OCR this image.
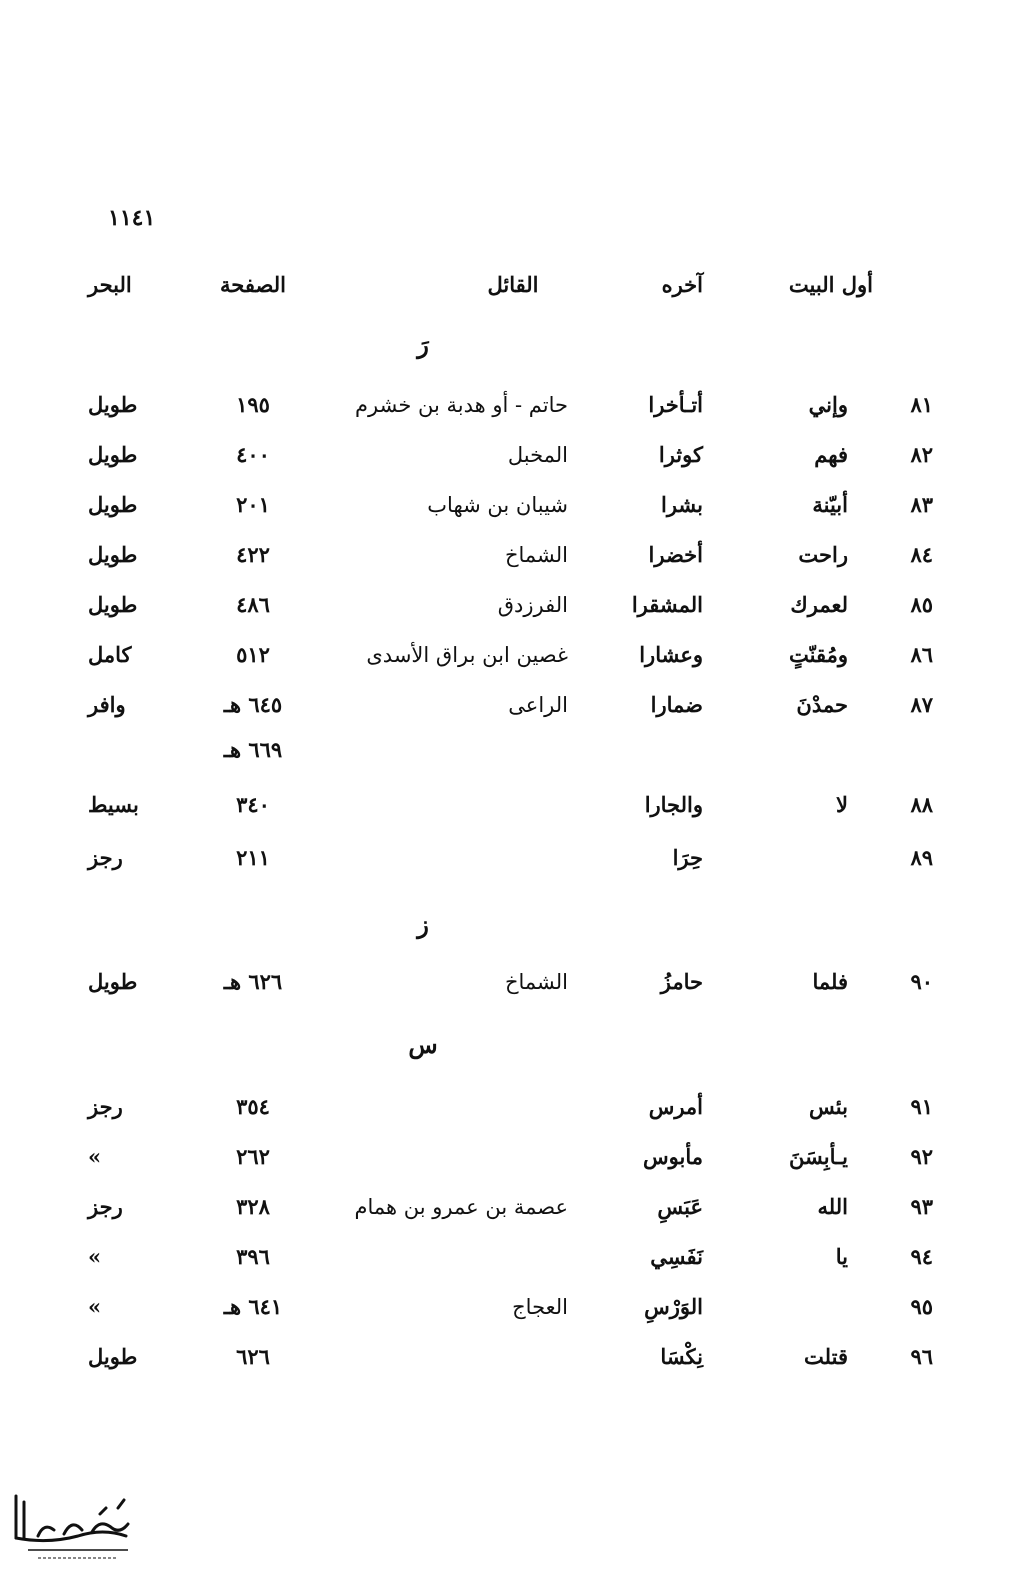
١١٤١
أول البيت
آخره
القائل
الصفحة
البحر
رَ
٨١
وإني
أتـأخرا
حاتم - أو هدبة بن خشرم
١٩٥
طويل
٨٢
فهم
كوثرا
المخبل
٤٠٠
طويل
٨٣
أبيّنة
بشرا
شيبان بن شهاب
٢٠١
طويل
٨٤
راحت
أخضرا
الشماخ
٤٢٢
طويل
٨٥
لعمرك
المشقرا
الفرزدق
٤٨٦
طويل
٨٦
ومُقنّتٍ
وعشارا
غصين ابن براق الأسدى
٥١٢
كامل
٨٧
حمدْنَ
ضمارا
الراعى
٦٤٥ هـ
وافر
٦٦٩ هـ
٨٨
لا
والجارا
٣٤٠
بسيط
٨٩
حِرَا
٢١١
رجز
ز
٩٠
فلما
حامزُ
الشماخ
٦٢٦ هـ
طويل
س
٩١
بئس
أمرس
٣٥٤
رجز
٩٢
يـأبِسَنَ
مأبوس
٢٦٢
»
٩٣
الله
عَبَسِ
عصمة بن عمرو بن همام
٣٢٨
رجز
٩٤
يا
نَفَسِي
٣٩٦
»
٩٥
الوَرْسِ
العجاج
٦٤١ هـ
»
٩٦
قتلت
نِكْسَا
٦٢٦
طويل
